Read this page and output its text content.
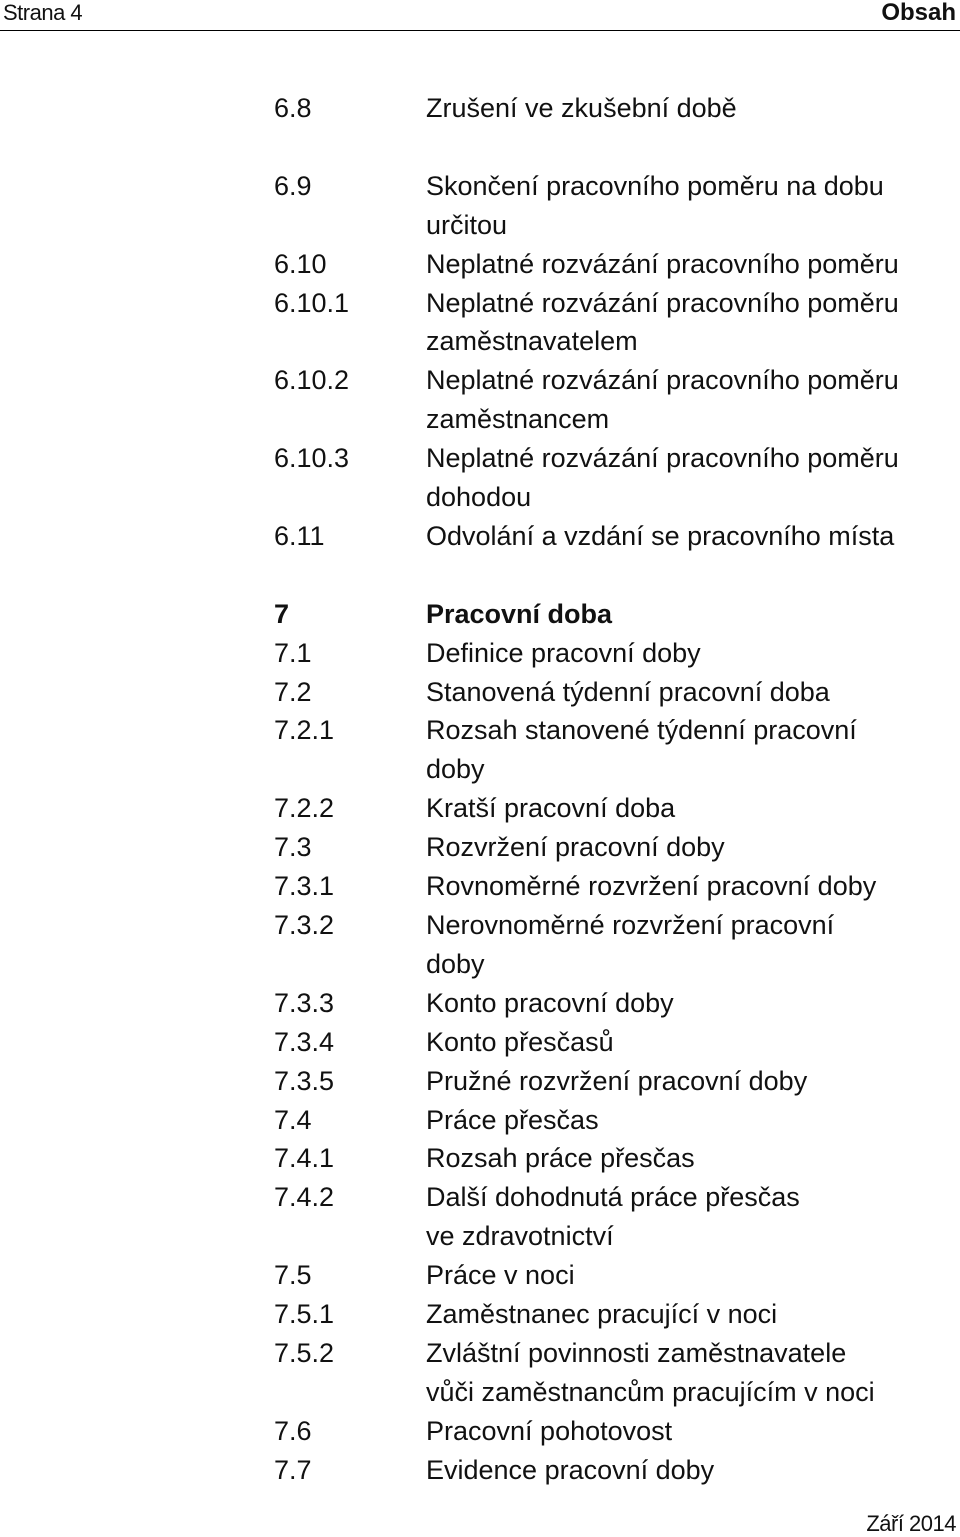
Strana 4	Obsah
6.8	Zrušení ve zkušební době
6.9	Skončení pracovního poměru na dobu
určitou
6.10	Neplatné rozvázání pracovního poměru
6.10.1	Neplatné rozvázání pracovního poměru
zaměstnavatelem
6.10.2	Neplatné rozvázání pracovního poměru
zaměstnancem
6.10.3	Neplatné rozvázání pracovního poměru
dohodou
6.11	Odvolání a vzdání se pracovního místa
7	Pracovní doba
7.1	Definice pracovní doby
7.2	Stanovená týdenní pracovní doba
7.2.1	Rozsah stanovené týdenní pracovní
doby
7.2.2	Kratší pracovní doba
7.3	Rozvržení pracovní doby
7.3.1	Rovnoměrné rozvržení pracovní doby
7.3.2	Nerovnoměrné rozvržení pracovní
doby
7.3.3	Konto pracovní doby
7.3.4	Konto přesčasů
7.3.5	Pružné rozvržení pracovní doby
7.4	Práce přesčas
7.4.1	Rozsah práce přesčas
7.4.2	Další dohodnutá práce přesčas
ve zdravotnictví
7.5	Práce v noci
7.5.1	Zaměstnanec pracující v noci
7.5.2	Zvláštní povinnosti zaměstnavatele
vůči zaměstnancům pracujícím v noci
7.6	Pracovní pohotovost
7.7	Evidence pracovní doby
Září 2014
